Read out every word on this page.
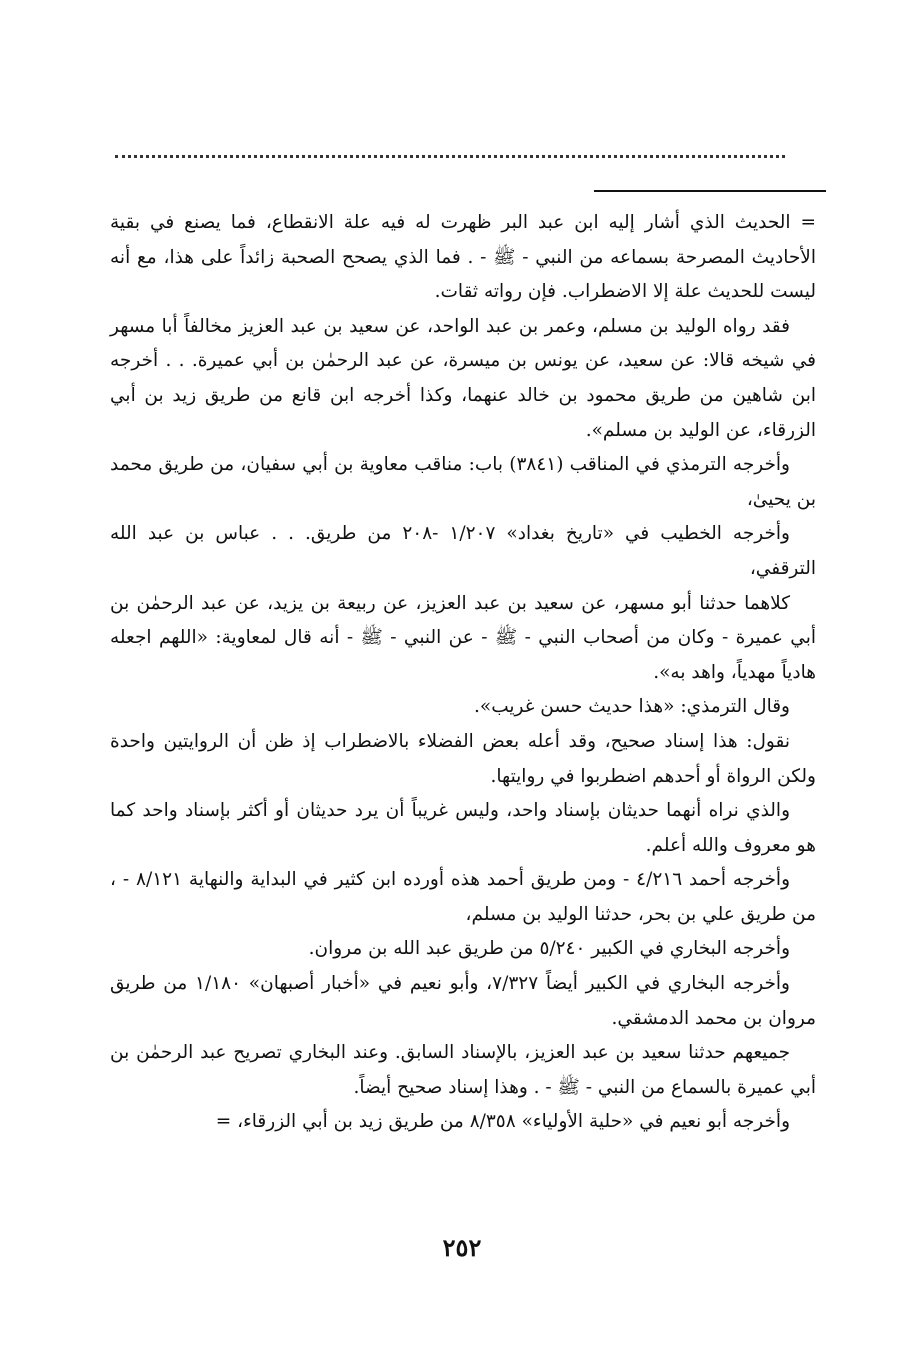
= الحديث الذي أشار إليه ابن عبد البر ظهرت له فيه علة الانقطاع، فما يصنع في بقية الأحاديث المصرحة بسماعه من النبي - ﷺ - . فما الذي يصحح الصحبة زائداً على هذا، مع أنه ليست للحديث علة إلا الاضطراب. فإن رواته ثقات.

فقد رواه الوليد بن مسلم، وعمر بن عبد الواحد، عن سعيد بن عبد العزيز مخالفاً أبا مسهر في شيخه قالا: عن سعيد، عن يونس بن ميسرة، عن عبد الرحمٰن بن أبي عميرة. . . أخرجه ابن شاهين من طريق محمود بن خالد عنهما، وكذا أخرجه ابن قانع من طريق زيد بن أبي الزرقاء، عن الوليد بن مسلم».

وأخرجه الترمذي في المناقب (٣٨٤١) باب: مناقب معاوية بن أبي سفيان، من طريق محمد بن يحيىٰ،

وأخرجه الخطيب في «تاريخ بغداد» ١/٢٠٧ -٢٠٨ من طريق. . . عباس بن عبد الله الترقفي،

كلاهما حدثنا أبو مسهر، عن سعيد بن عبد العزيز، عن ربيعة بن يزيد، عن عبد الرحمٰن بن أبي عميرة - وكان من أصحاب النبي - ﷺ - عن النبي - ﷺ - أنه قال لمعاوية: «اللهم اجعله هادياً مهدياً، واهد به».

وقال الترمذي: «هذا حديث حسن غريب».

نقول: هذا إسناد صحيح، وقد أعله بعض الفضلاء بالاضطراب إذ ظن أن الروايتين واحدة ولكن الرواة أو أحدهم اضطربوا في روايتها.

والذي نراه أنهما حديثان بإسناد واحد، وليس غريباً أن يرد حديثان أو أكثر بإسناد واحد كما هو معروف والله أعلم.

وأخرجه أحمد ٤/٢١٦ - ومن طريق أحمد هذه أورده ابن كثير في البداية والنهاية ٨/١٢١ - ، من طريق علي بن بحر، حدثنا الوليد بن مسلم،

وأخرجه البخاري في الكبير ٥/٢٤٠ من طريق عبد الله بن مروان.

وأخرجه البخاري في الكبير أيضاً ٧/٣٢٧، وأبو نعيم في «أخبار أصبهان» ١/١٨٠ من طريق مروان بن محمد الدمشقي.

جميعهم حدثنا سعيد بن عبد العزيز، بالإسناد السابق. وعند البخاري تصريح عبد الرحمٰن بن أبي عميرة بالسماع من النبي - ﷺ - . وهذا إسناد صحيح أيضاً.

وأخرجه أبو نعيم في «حلية الأولياء» ٨/٣٥٨ من طريق زيد بن أبي الزرقاء، =

٢٥٢
